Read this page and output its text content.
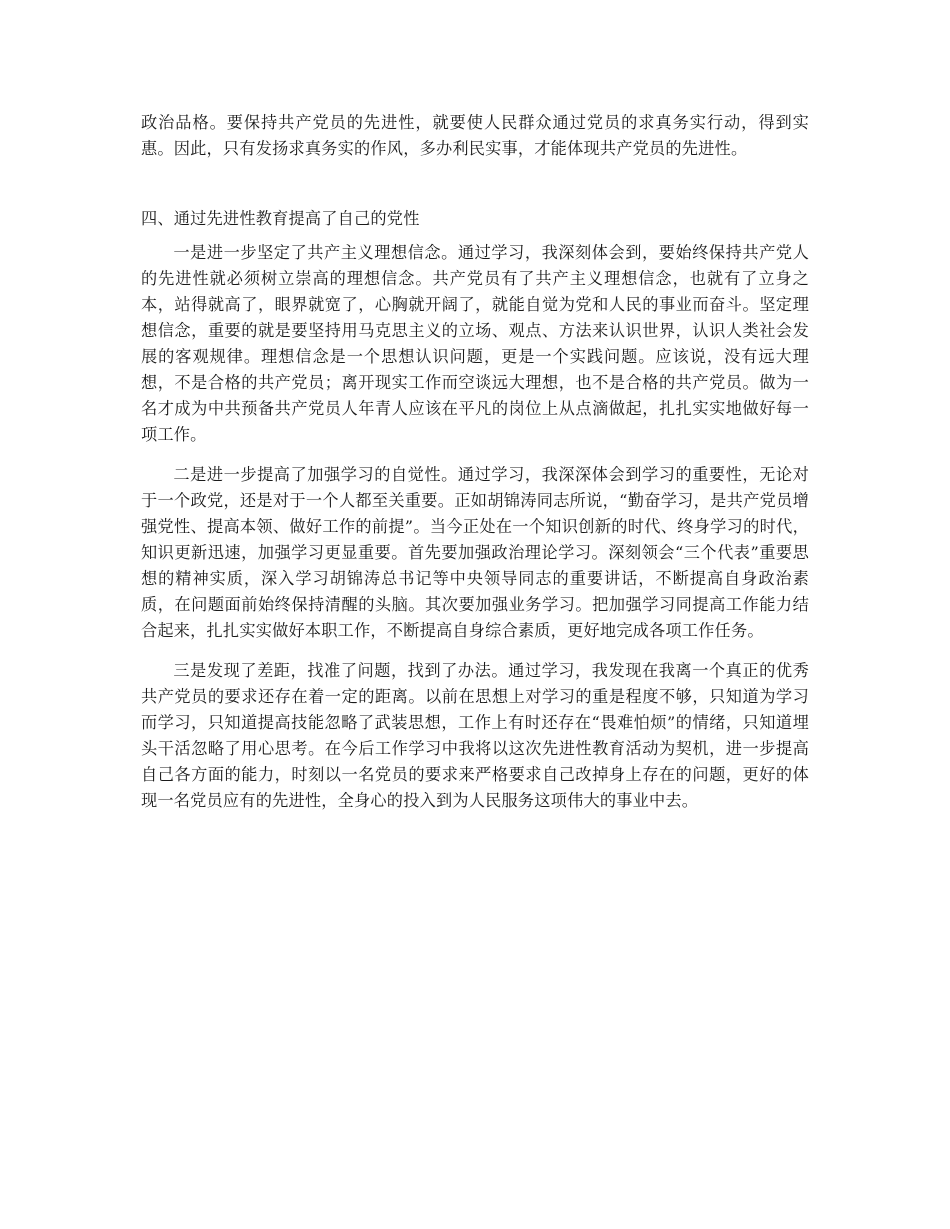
政治品格。要保持共产党员的先进性，就要使人民群众通过党员的求真务实行动，得到实惠。因此，只有发扬求真务实的作风，多办利民实事，才能体现共产党员的先进性。

四、通过先进性教育提高了自己的党性

一是进一步坚定了共产主义理想信念。通过学习，我深刻体会到，要始终保持共产党人的先进性就必须树立崇高的理想信念。共产党员有了共产主义理想信念，也就有了立身之本，站得就高了，眼界就宽了，心胸就开阔了，就能自觉为党和人民的事业而奋斗。坚定理想信念，重要的就是要坚持用马克思主义的立场、观点、方法来认识世界，认识人类社会发展的客观规律。理想信念是一个思想认识问题，更是一个实践问题。应该说，没有远大理想，不是合格的共产党员；离开现实工作而空谈远大理想，也不是合格的共产党员。做为一名才成为中共预备共产党员人年青人应该在平凡的岗位上从点滴做起，扎扎实实地做好每一项工作。

二是进一步提高了加强学习的自觉性。通过学习，我深深体会到学习的重要性，无论对于一个政党，还是对于一个人都至关重要。正如胡锦涛同志所说，“勤奋学习，是共产党员增强党性、提高本领、做好工作的前提”。当今正处在一个知识创新的时代、终身学习的时代，知识更新迅速，加强学习更显重要。首先要加强政治理论学习。深刻领会“三个代表”重要思想的精神实质，深入学习胡锦涛总书记等中央领导同志的重要讲话，不断提高自身政治素质，在问题面前始终保持清醒的头脑。其次要加强业务学习。把加强学习同提高工作能力结合起来，扎扎实实做好本职工作，不断提高自身综合素质，更好地完成各项工作任务。

三是发现了差距，找准了问题，找到了办法。通过学习，我发现在我离一个真正的优秀共产党员的要求还存在着一定的距离。以前在思想上对学习的重是程度不够，只知道为学习而学习，只知道提高技能忽略了武装思想，工作上有时还存在“畏难怕烦”的情绪，只知道埋头干活忽略了用心思考。在今后工作学习中我将以这次先进性教育活动为契机，进一步提高自己各方面的能力，时刻以一名党员的要求来严格要求自己改掉身上存在的问题，更好的体现一名党员应有的先进性，全身心的投入到为人民服务这项伟大的事业中去。
